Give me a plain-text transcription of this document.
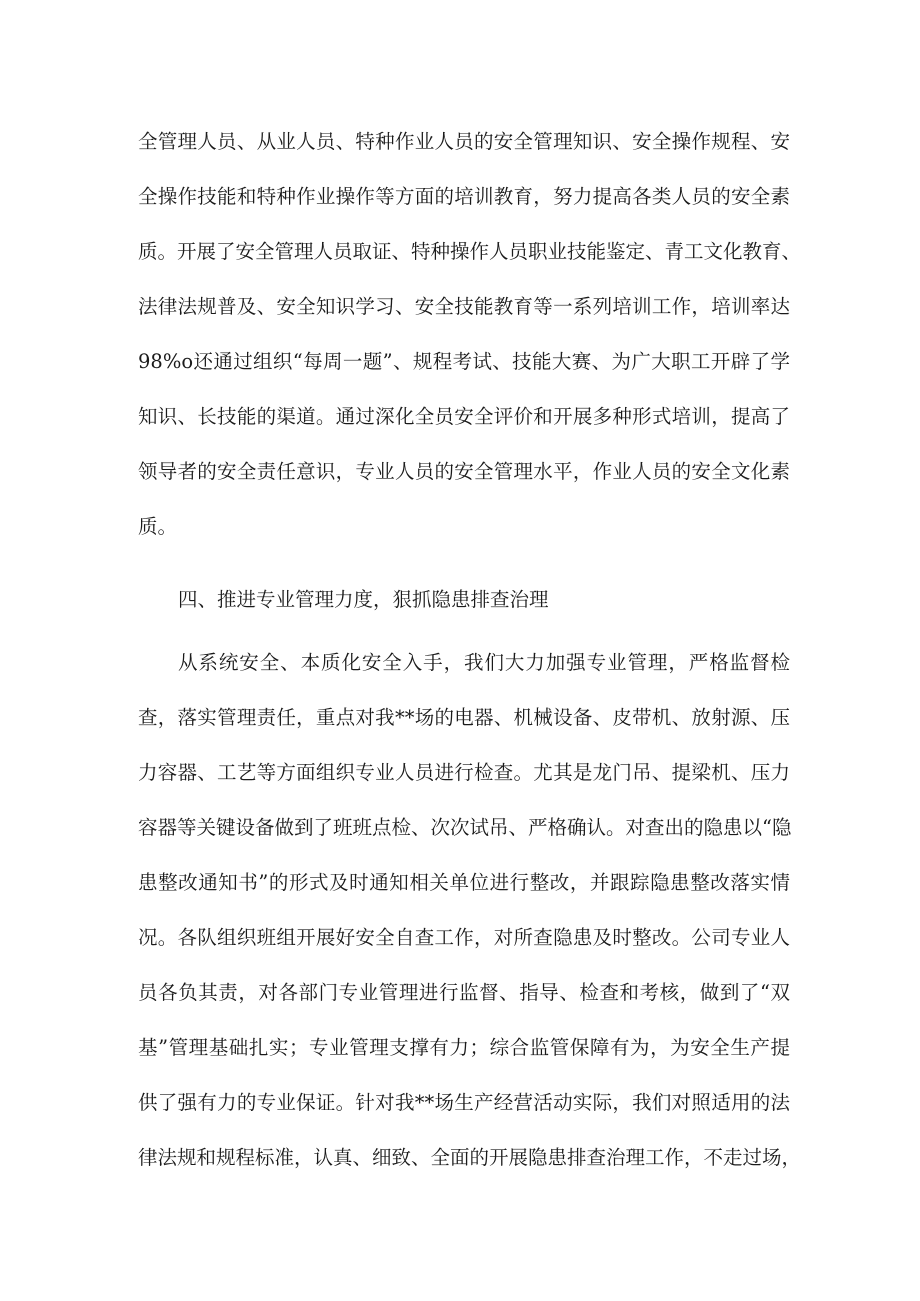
全管理人员、从业人员、特种作业人员的安全管理知识、安全操作规程、安
全操作技能和特种作业操作等方面的培训教育，努力提高各类人员的安全素
质。开展了安全管理人员取证、特种操作人员职业技能鉴定、青工文化教育、
法律法规普及、安全知识学习、安全技能教育等一系列培训工作，培训率达
98%o还通过组织“每周一题”、规程考试、技能大赛、为广大职工开辟了学
知识、长技能的渠道。通过深化全员安全评价和开展多种形式培训，提高了
领导者的安全责任意识，专业人员的安全管理水平，作业人员的安全文化素
质。
四、推进专业管理力度，狠抓隐患排查治理
从系统安全、本质化安全入手，我们大力加强专业管理，严格监督检
查，落实管理责任，重点对我**场的电器、机械设备、皮带机、放射源、压
力容器、工艺等方面组织专业人员进行检查。尤其是龙门吊、提梁机、压力
容器等关键设备做到了班班点检、次次试吊、严格确认。对查出的隐患以“隐
患整改通知书”的形式及时通知相关单位进行整改，并跟踪隐患整改落实情
况。各队组织班组开展好安全自查工作，对所查隐患及时整改。公司专业人
员各负其责，对各部门专业管理进行监督、指导、检查和考核，做到了“双
基”管理基础扎实；专业管理支撑有力；综合监管保障有为，为安全生产提
供了强有力的专业保证。针对我**场生产经营活动实际，我们对照适用的法
律法规和规程标准，认真、细致、全面的开展隐患排查治理工作，不走过场，
